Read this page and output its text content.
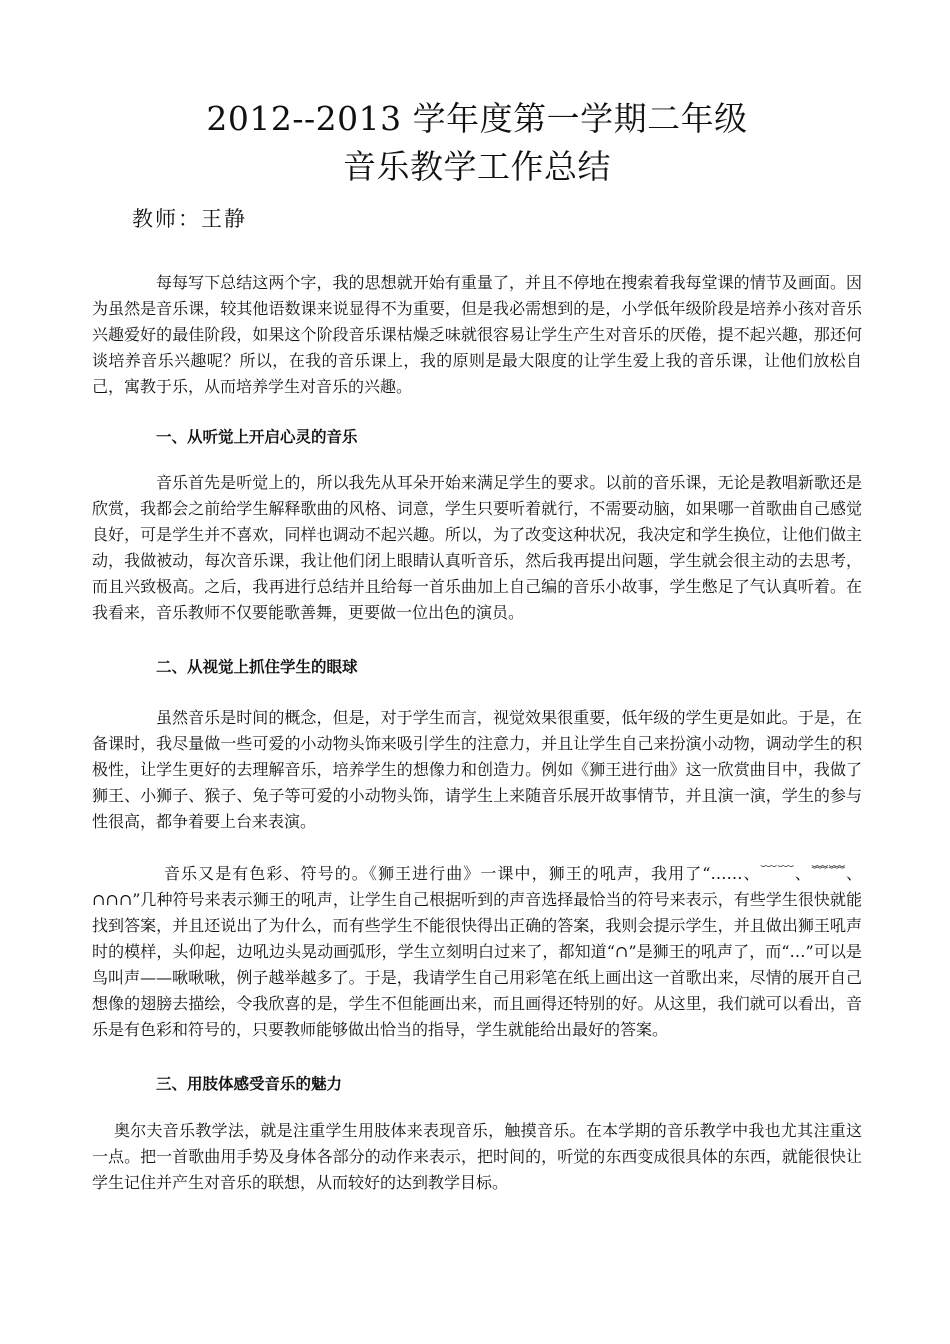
2012--2013 学年度第一学期二年级
音乐教学工作总结
教师：王静

每每写下总结这两个字，我的思想就开始有重量了，并且不停地在搜索着我每堂课的情节及画面。因为虽然是音乐课，较其他语数课来说显得不为重要，但是我必需想到的是，小学低年级阶段是培养小孩对音乐兴趣爱好的最佳阶段，如果这个阶段音乐课枯燥乏味就很容易让学生产生对音乐的厌倦，提不起兴趣，那还何谈培养音乐兴趣呢？所以，在我的音乐课上，我的原则是最大限度的让学生爱上我的音乐课，让他们放松自己，寓教于乐，从而培养学生对音乐的兴趣。

一、从听觉上开启心灵的音乐

音乐首先是听觉上的，所以我先从耳朵开始来满足学生的要求。以前的音乐课，无论是教唱新歌还是欣赏，我都会之前给学生解释歌曲的风格、词意，学生只要听着就行，不需要动脑，如果哪一首歌曲自己感觉良好，可是学生并不喜欢，同样也调动不起兴趣。所以，为了改变这种状况，我决定和学生换位，让他们做主动，我做被动，每次音乐课，我让他们闭上眼睛认真听音乐，然后我再提出问题，学生就会很主动的去思考，而且兴致极高。之后，我再进行总结并且给每一首乐曲加上自己编的音乐小故事，学生憋足了气认真听着。在我看来，音乐教师不仅要能歌善舞，更要做一位出色的演员。

二、从视觉上抓住学生的眼球

虽然音乐是时间的概念，但是，对于学生而言，视觉效果很重要，低年级的学生更是如此。于是，在备课时，我尽量做一些可爱的小动物头饰来吸引学生的注意力，并且让学生自己来扮演小动物，调动学生的积极性，让学生更好的去理解音乐，培养学生的想像力和创造力。例如《狮王进行曲》这一欣赏曲目中，我做了狮王、小狮子、猴子、兔子等可爱的小动物头饰，请学生上来随音乐展开故事情节，并且演一演，学生的参与性很高，都争着要上台来表演。

音乐又是有色彩、符号的。《狮王进行曲》一课中，狮王的吼声，我用了“……、﹋﹋、﹌﹌、∩∩∩”几种符号来表示狮王的吼声，让学生自己根据听到的声音选择最恰当的符号来表示，有些学生很快就能找到答案，并且还说出了为什么，而有些学生不能很快得出正确的答案，我则会提示学生，并且做出狮王吼声时的模样，头仰起，边吼边头晃动画弧形，学生立刻明白过来了，都知道“∩”是狮王的吼声了，而“…”可以是鸟叫声——啾啾啾，例子越举越多了。于是，我请学生自己用彩笔在纸上画出这一首歌出来，尽情的展开自己想像的翅膀去描绘，令我欣喜的是，学生不但能画出来，而且画得还特别的好。从这里，我们就可以看出，音乐是有色彩和符号的，只要教师能够做出恰当的指导，学生就能给出最好的答案。

三、用肢体感受音乐的魅力

奥尔夫音乐教学法，就是注重学生用肢体来表现音乐，触摸音乐。在本学期的音乐教学中我也尤其注重这一点。把一首歌曲用手势及身体各部分的动作来表示，把时间的，听觉的东西变成很具体的东西，就能很快让学生记住并产生对音乐的联想，从而较好的达到教学目标。
